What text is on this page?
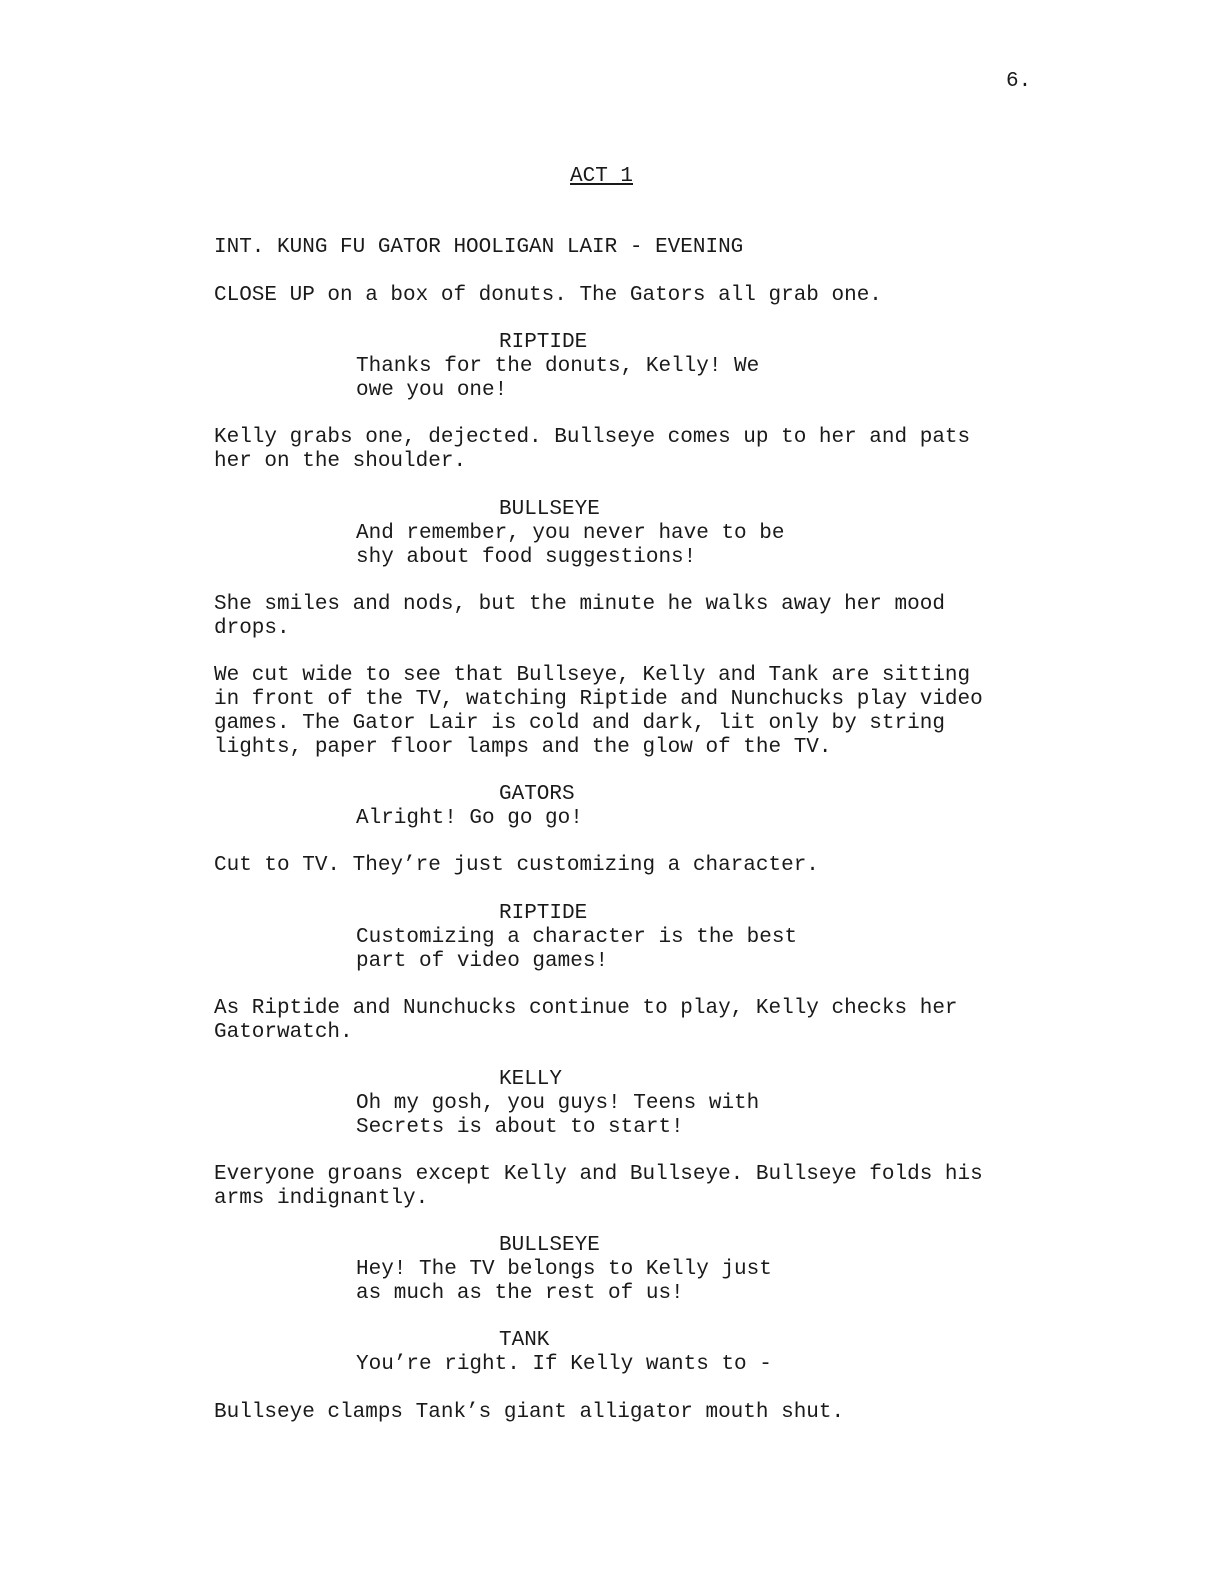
6.
ACT 1
INT. KUNG FU GATOR HOOLIGAN LAIR - EVENING
CLOSE UP on a box of donuts. The Gators all grab one.
RIPTIDE
Thanks for the donuts, Kelly! We
owe you one!
Kelly grabs one, dejected. Bullseye comes up to her and pats
her on the shoulder.
BULLSEYE
And remember, you never have to be
shy about food suggestions!
She smiles and nods, but the minute he walks away her mood
drops.
We cut wide to see that Bullseye, Kelly and Tank are sitting
in front of the TV, watching Riptide and Nunchucks play video
games. The Gator Lair is cold and dark, lit only by string
lights, paper floor lamps and the glow of the TV.
GATORS
Alright! Go go go!
Cut to TV. They’re just customizing a character.
RIPTIDE
Customizing a character is the best
part of video games!
As Riptide and Nunchucks continue to play, Kelly checks her
Gatorwatch.
KELLY
Oh my gosh, you guys! Teens with
Secrets is about to start!
Everyone groans except Kelly and Bullseye. Bullseye folds his
arms indignantly.
BULLSEYE
Hey! The TV belongs to Kelly just
as much as the rest of us!
TANK
You’re right. If Kelly wants to -
Bullseye clamps Tank’s giant alligator mouth shut.
